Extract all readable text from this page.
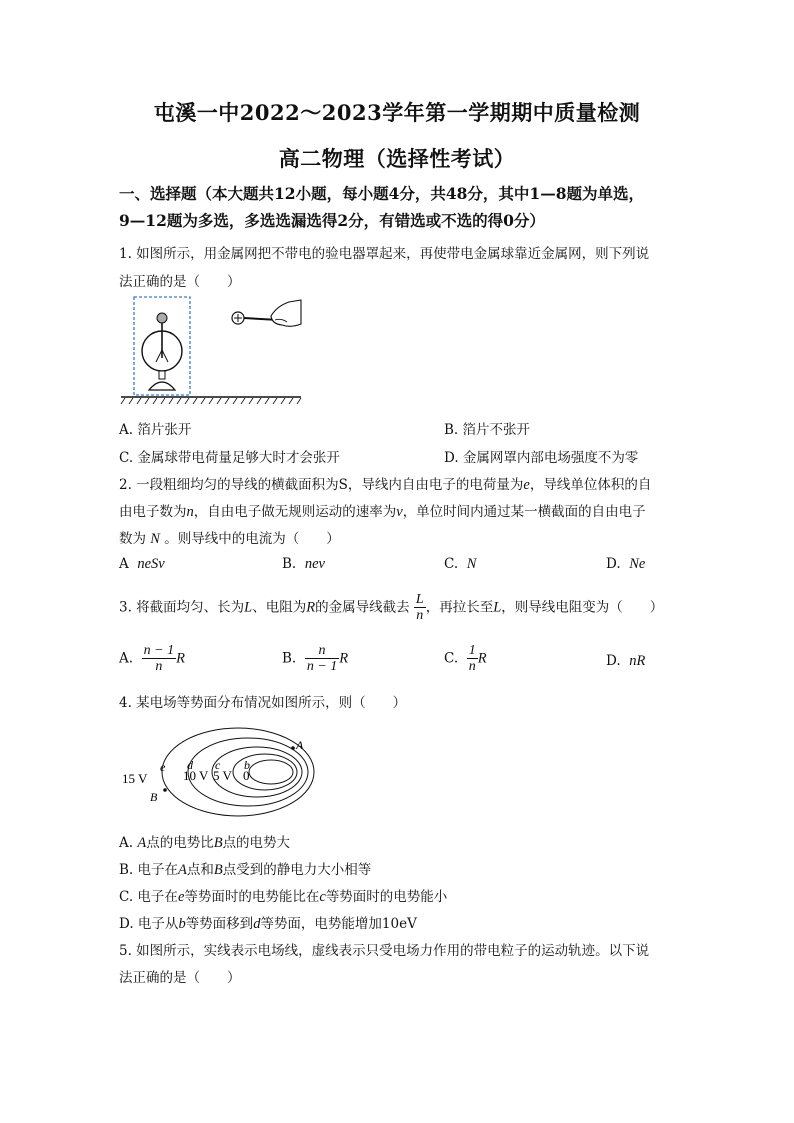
屯溪一中2022～2023学年第一学期期中质量检测
高二物理（选择性考试）
一、选择题（本大题共12小题，每小题4分，共48分，其中1—8题为单选，
9—12题为多选，多选选漏选得2分，有错选或不选的得0分）
1. 如图所示，用金属网把不带电的验电器罩起来，再使带电金属球靠近金属网，则下列说
法正确的是（　　）
A. 箔片张开	B. 箔片不张开
C. 金属球带电荷量足够大时才会张开	D. 金属网罩内部电场强度不为零
2. 一段粗细均匀的导线的横截面积为S，导线内自由电子的电荷量为e，导线单位体积的自
由电子数为n，自由电子做无规则运动的速率为v，单位时间内通过某一横截面的自由电子
数为 N 。则导线中的电流为（　　）
A neSv	B. nev	C. N	D. Ne
3. 将截面均匀、长为L、电阻为R的金属导线截去 $\frac{L}{n}$ ，再拉长至L，则导线电阻变为（　　）
A. $\frac{n - 1}{n}$ R	B. $\frac{n}{n - 1}$ R	C. $\frac{1}{n}$ R	D. nR
4. 某电场等势面分布情况如图所示，则（　　）
A
B
e d c b
15 V	10 V 5 V 0
A. A点的电势比B点的电势大
B. 电子在A点和B点受到的静电力大小相等
C. 电子在e等势面时的电势能比在c等势面时的电势能小
D. 电子从b等势面移到d等势面，电势能增加10eV
5. 如图所示，实线表示电场线，虚线表示只受电场力作用的带电粒子的运动轨迹。以下说
法正确的是（　　）
